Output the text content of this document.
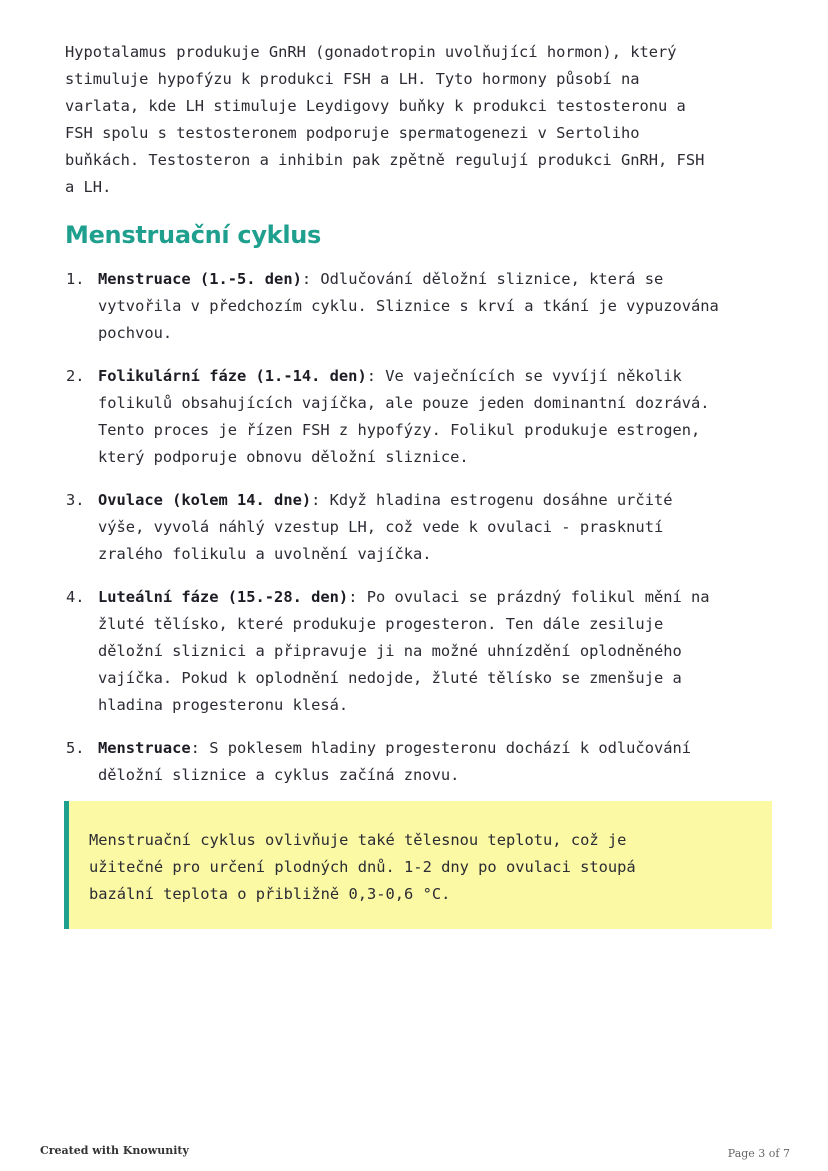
Hypotalamus produkuje GnRH (gonadotropin uvolňující hormon), který
stimuluje hypofýzu k produkci FSH a LH. Tyto hormony působí na
varlata, kde LH stimuluje Leydigovy buňky k produkci testosteronu a
FSH spolu s testosteronem podporuje spermatogenezi v Sertoliho
buňkách. Testosteron a inhibin pak zpětně regulují produkci GnRH, FSH
a LH.
Menstruační cyklus
1. Menstruace (1.-5. den): Odlučování děložní sliznice, která se
vytvořila v předchozím cyklu. Sliznice s krví a tkání je vypuzována
pochvou.
2. Folikulární fáze (1.-14. den): Ve vaječnících se vyvíjí několik
folikulů obsahujících vajíčka, ale pouze jeden dominantní dozrává.
Tento proces je řízen FSH z hypofýzy. Folikul produkuje estrogen,
který podporuje obnovu děložní sliznice.
3. Ovulace (kolem 14. dne): Když hladina estrogenu dosáhne určité
výše, vyvolá náhlý vzestup LH, což vede k ovulaci - prasknutí
zralého folikulu a uvolnění vajíčka.
4. Luteální fáze (15.-28. den): Po ovulaci se prázdný folikul mění na
žluté tělísko, které produkuje progesteron. Ten dále zesiluje
děložní sliznici a připravuje ji na možné uhnízdění oplodněného
vajíčka. Pokud k oplodnění nedojde, žluté tělísko se zmenšuje a
hladina progesteronu klesá.
5. Menstruace: S poklesem hladiny progesteronu dochází k odlučování
děložní sliznice a cyklus začíná znovu.
Menstruační cyklus ovlivňuje také tělesnou teplotu, což je
užitečné pro určení plodných dnů. 1-2 dny po ovulaci stoupá
bazální teplota o přibližně 0,3-0,6 °C.
Created with Knowunity	Page 3 of 7
